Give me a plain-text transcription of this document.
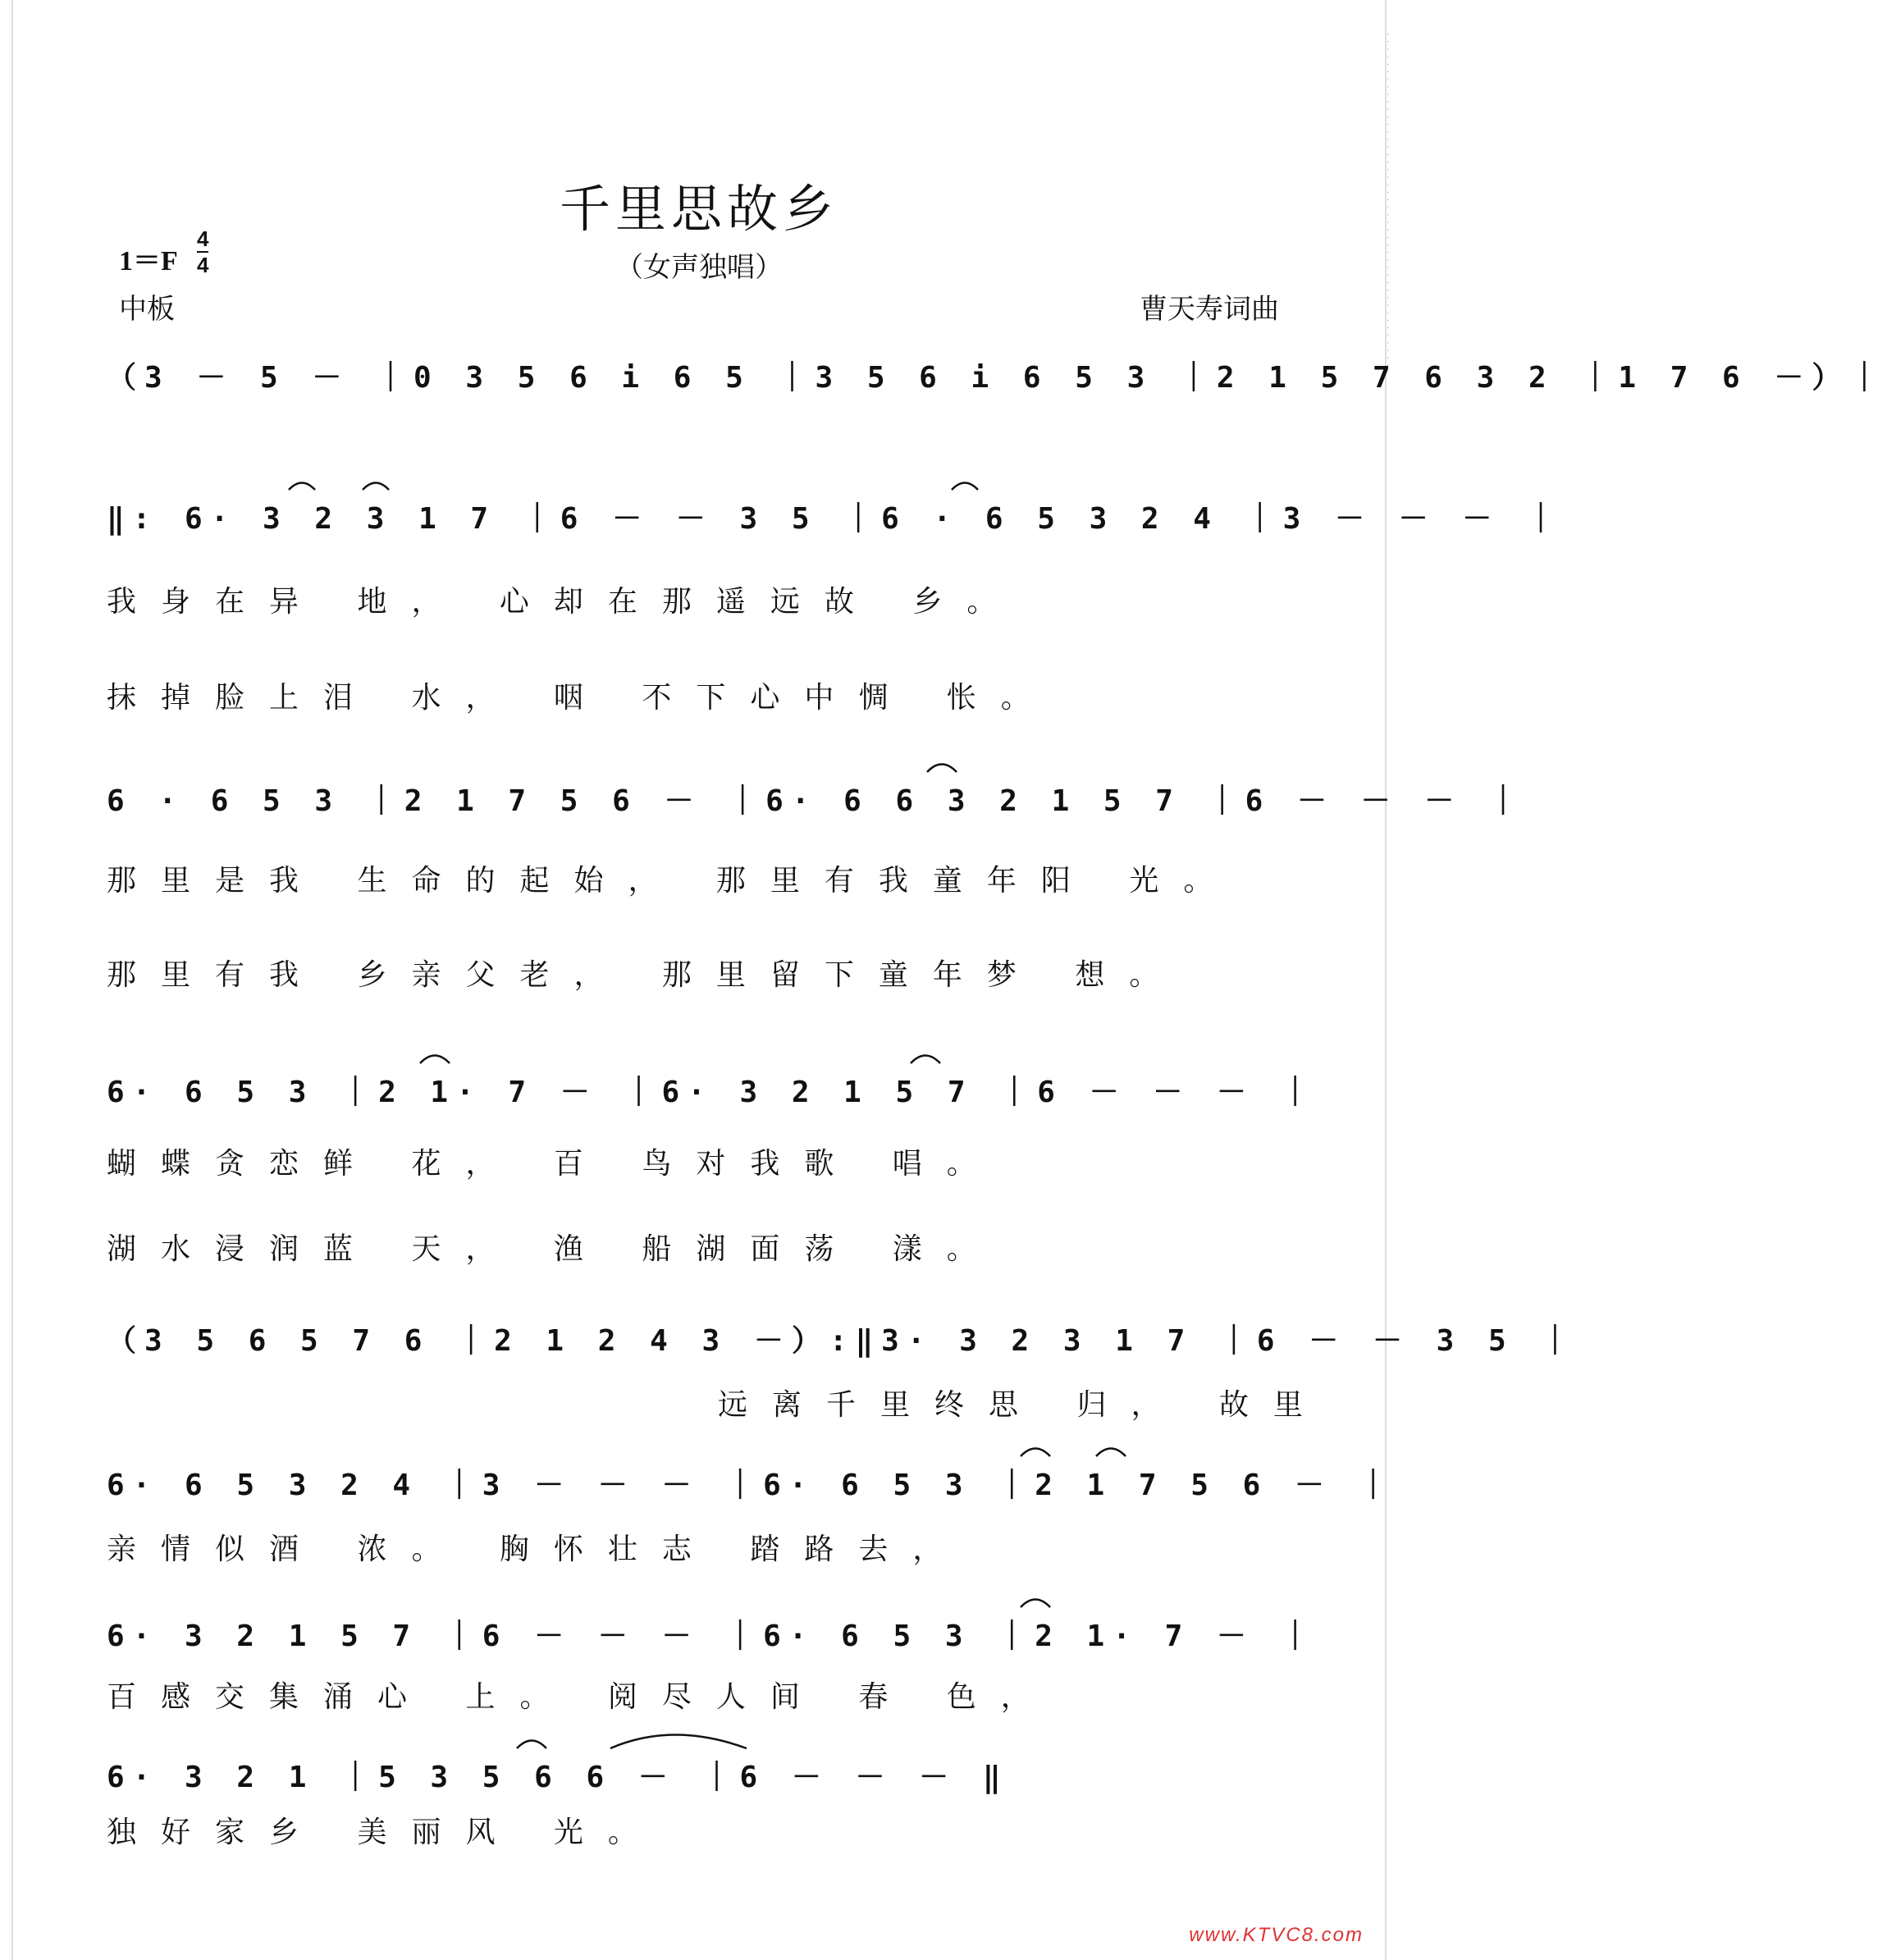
千里思故乡
（女声独唱）
1＝F
4
4
中板	曹天寿词曲
（3 － 5 － ｜0 3 5 6 i 6 5 ｜3 5 6 i 6 5 3 ｜2 1 5 7 6 3 2 ｜1 7 6 －）｜
‖: 6· 3 2 3 1 7 ｜6 － － 3 5 ｜6 · 6 5 3 2 4 ｜3 － － － ｜
我身在异 地， 心却在那遥远故 乡。
抹掉脸上泪 水， 咽 不下心中惆 怅。
6 · 6 5 3 ｜2 1 7 5 6 － ｜6· 6 6 3 2 1 5 7 ｜6 － － － ｜
那里是我 生命的起始， 那里有我童年阳 光。
那里有我 乡亲父老， 那里留下童年梦 想。
6· 6 5 3 ｜2 1· 7 － ｜6· 3 2 1 5 7 ｜6 － － － ｜
蝴蝶贪恋鲜 花， 百 鸟对我歌 唱。
湖水浸润蓝 天， 渔 船湖面荡 漾。
（3 5 6 5 7 6 ｜2 1 2 4 3 －）:‖3· 3 2 3 1 7 ｜6 － － 3 5 ｜
远离千里终思 归， 故里
6· 6 5 3 2 4 ｜3 － － － ｜6· 6 5 3 ｜2 1 7 5 6 － ｜
亲情似酒 浓。 胸怀壮志 踏路去，
6· 3 2 1 5 7 ｜6 － － － ｜6· 6 5 3 ｜2 1· 7 － ｜
百感交集涌心 上。 阅尽人间 春 色，
6· 3 2 1 ｜5 3 5 6 6 － ｜6 － － － ‖
独好家乡 美丽风 光。
·············································
www.KTVC8.com
